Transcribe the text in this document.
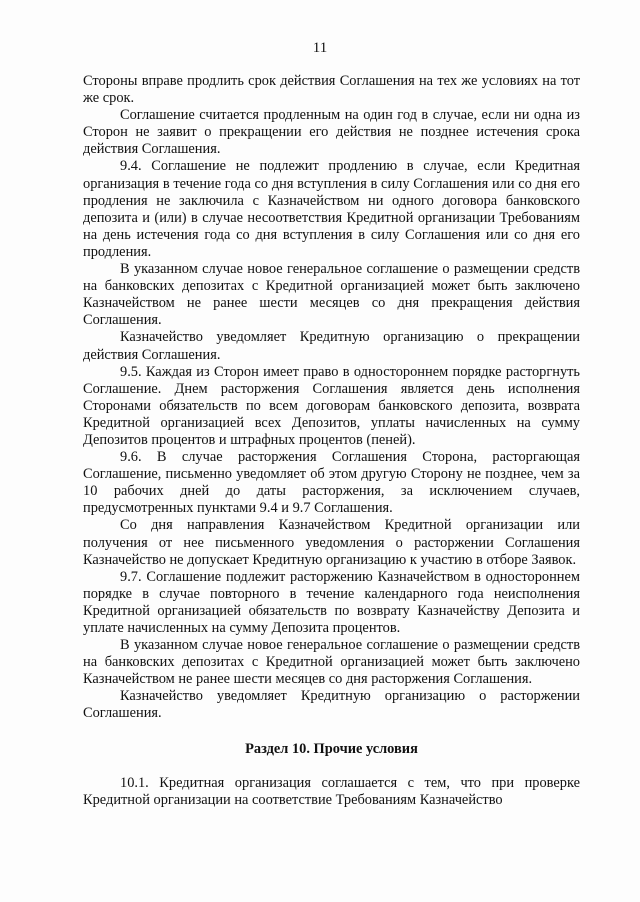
11

Стороны вправе продлить срок действия Соглашения на тех же условиях на тот же срок.

Соглашение считается продленным на один год в случае, если ни одна из Сторон не заявит о прекращении его действия не позднее истечения срока действия Соглашения.

9.4. Соглашение не подлежит продлению в случае, если Кредитная организация в течение года со дня вступления в силу Соглашения или со дня его продления не заключила с Казначейством ни одного договора банковского депозита и (или) в случае несоответствия Кредитной организации Требованиям на день истечения года со дня вступления в силу Соглашения или со дня его продления.

В указанном случае новое генеральное соглашение о размещении средств на банковских депозитах с Кредитной организацией может быть заключено Казначейством не ранее шести месяцев со дня прекращения действия Соглашения.

Казначейство уведомляет Кредитную организацию о прекращении действия Соглашения.

9.5. Каждая из Сторон имеет право в одностороннем порядке расторгнуть Соглашение. Днем расторжения Соглашения является день исполнения Сторонами обязательств по всем договорам банковского депозита, возврата Кредитной организацией всех Депозитов, уплаты начисленных на сумму Депозитов процентов и штрафных процентов (пеней).

9.6. В случае расторжения Соглашения Сторона, расторгающая Соглашение, письменно уведомляет об этом другую Сторону не позднее, чем за 10 рабочих дней до даты расторжения, за исключением случаев, предусмотренных пунктами 9.4 и 9.7 Соглашения.

Со дня направления Казначейством Кредитной организации или получения от нее письменного уведомления о расторжении Соглашения Казначейство не допускает Кредитную организацию к участию в отборе Заявок.

9.7. Соглашение подлежит расторжению Казначейством в одностороннем порядке в случае повторного в течение календарного года неисполнения Кредитной организацией обязательств по возврату Казначейству Депозита и уплате начисленных на сумму Депозита процентов.

В указанном случае новое генеральное соглашение о размещении средств на банковских депозитах с Кредитной организацией может быть заключено Казначейством не ранее шести месяцев со дня расторжения Соглашения.

Казначейство уведомляет Кредитную организацию о расторжении Соглашения.

Раздел 10. Прочие условия

10.1. Кредитная организация соглашается с тем, что при проверке Кредитной организации на соответствие Требованиям Казначейство
